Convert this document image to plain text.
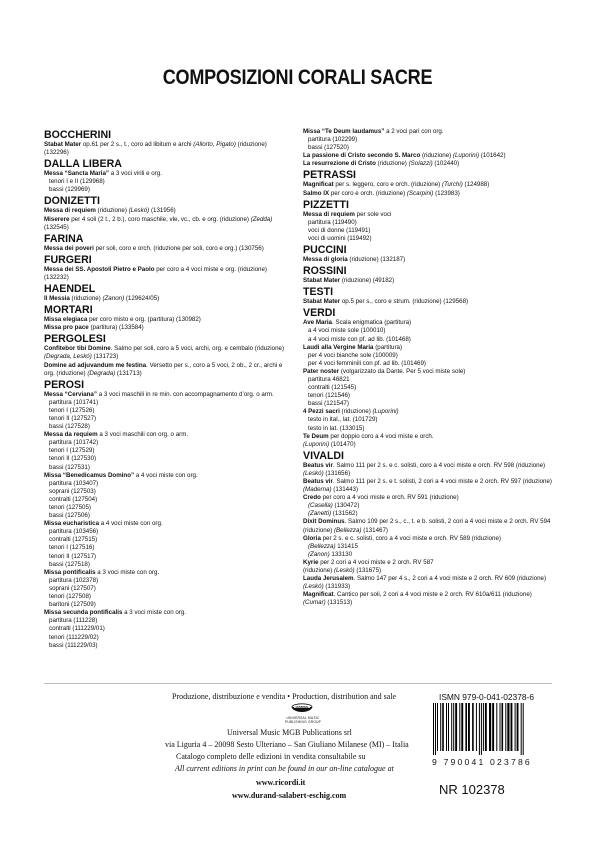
COMPOSIZIONI CORALI SACRE
BOCCHERINI
Stabat Mater op.61 per 2 s., t., coro ad libitum e archi (Allorto, Pigato) (riduzione)
(132296)
DALLA LIBERA
Messa “Sancta Maria” a 3 voci virili e org.
tenori I e II (129968)
bassi (129969)
DONIZETTI
Messa di requiem (riduzione) (Leskó) (131956)
Miserere per 4 soli (2 t., 2 b.), coro maschile, vle, vc., cb. e org. (riduzione) (Zedda)
(132545)
FARINA
Messa dei poveri per soli, coro e orch. (riduzione per soli, coro e org.) (130756)
FURGERI
Messa dei SS. Apostoli Pietro e Paolo per coro a 4 voci miste e org. (riduzione)
(132232)
HAENDEL
Il Messia (riduzione) (Zanon) (129624/05)
MORTARI
Missa elegiaca per coro misto e org. (partitura) (130982)
Missa pro pace (partitura) (133584)
PERGOLESI
Confitebor tibi Domine. Salmo per soli, coro a 5 voci, archi, org. e cembalo (riduzione) (Degrada, Leskó) (131723)
Domine ad adjuvandum me festina. Versetto per s., coro a 5 voci, 2 ob., 2 cr., archi e org. (riduzione) (Degrada) (131713)
PEROSI
Messa “Cerviana” a 3 voci maschili in re min. con accompagnamento d’org. o arm.
partitura (101741)
tenori I (127526)
tenori II (127527)
bassi (127528)
Messa da requiem a 3 voci maschili con org. o arm.
partitura (101742)
tenori I (127529)
tenori II (127530)
bassi (127531)
Missa “Benedicamus Domino” a 4 voci miste con org.
partitura (103407)
soprani (127503)
contralti (127504)
tenori (127505)
bassi (127506)
Missa eucharistica a 4 voci miste con org.
partitura (103456)
contralti (127515)
tenori I (127516)
tenori II (127517)
bassi (127518)
Missa pontificalis a 3 voci miste con org.
partitura (102378)
soprani (127507)
tenori (127508)
baritoni (127509)
Missa secunda pontificalis a 3 voci miste con org.
partitura (111228)
contralti (111229/01)
tenori (111229/02)
bassi (111229/03)
Missa “Te Deum laudamus” a 2 voci pari con org.
partitura (102299)
bassi (127520)
La passione di Cristo secondo S. Marco (riduzione) (Luporini) (101642)
La resurrezione di Cristo (riduzione) (Solazzi) (102440)
PETRASSI
Magnificat per s. leggero, coro e orch. (riduzione) (Turchi) (124988)
Salmo IX per coro e orch. (riduzione) (Scarpini) (123983)
PIZZETTI
Messa di requiem per sole voci
partitura (119490)
voci di donne (119491)
voci di uomini (119492)
PUCCINI
Messa di gloria (riduzione) (132187)
ROSSINI
Stabat Mater (riduzione) (49182)
TESTI
Stabat Mater op.5 per s., coro e strum. (riduzione) (129568)
VERDI
Ave Maria. Scala enigmatica (partitura)
a 4 voci miste sole (100010)
a 4 voci miste con pf. ad lib. (101468)
Laudi alla Vergine Maria (partitura)
per 4 voci bianche sole (100009)
per 4 voci femminili con pf. ad lib. (101469)
Pater noster (volgarizzato da Dante. Per 5 voci miste sole)
partitura 46821
contralti (121545)
tenori (121546)
bassi (121547)
4 Pezzi sacri (riduzione) (Luporini)
testo in ital., lat. (101729)
testo in lat. (133015)
Te Deum per doppio coro a 4 voci miste e orch.
(Luporini) (101470)
VIVALDI
Beatus vir. Salmo 111 per 2 s. e c. solisti, coro a 4 voci miste e orch. RV 598 (riduzione) (Leskó) (131656)
Beatus vir. Salmo 111 per 2 s. e t. solisti, 2 cori a 4 voci miste e 2 orch. RV 597 (riduzione) (Maderna) (131443)
Credo per coro a 4 voci miste e orch. RV 591 (riduzione)
(Casella) (130472)
(Zanetti) (131562)
Dixit Dominus. Salmo 109 per 2 s., c., t. e b. solisti, 2 cori a 4 voci miste e 2 orch. RV 594
(riduzione) (Bellezza) (131467)
Gloria per 2 s. e c. solisti, coro a 4 voci miste e orch. RV 589 (riduzione)
(Bellezza) 131415
(Zanon) 133130
Kyrie per 2 cori a 4 voci miste e 2 orch. RV 587
(riduzione) (Leskó) (131675)
Lauda Jerusalem. Salmo 147 per 4 s., 2 cori a 4 voci miste e 2 orch. RV 609 (riduzione) (Leskó) (131933)
Magnificat. Cantico per soli, 2 cori a 4 voci miste e 2 orch. RV 610a/611 (riduzione)
(Cumar) (131513)
Produzione, distribuzione e vendita • Production, distribution and sale
UNIVERSAL
UNIVERSAL MUSIC
PUBLISHING GROUP
Universal Music MGB Publications srl
via Liguria 4 – 20098 Sesto Ulteriano – San Giuliano Milanese (MI) – Italia
Catalogo completo delle edizioni in vendita consultabile su
All current editions in print can be found in our on-line catalogue at
www.ricordi.it
www.durand-salabert-eschig.com
ISMN 979-0-041-02378-6
9 790041 023786
NR 102378
